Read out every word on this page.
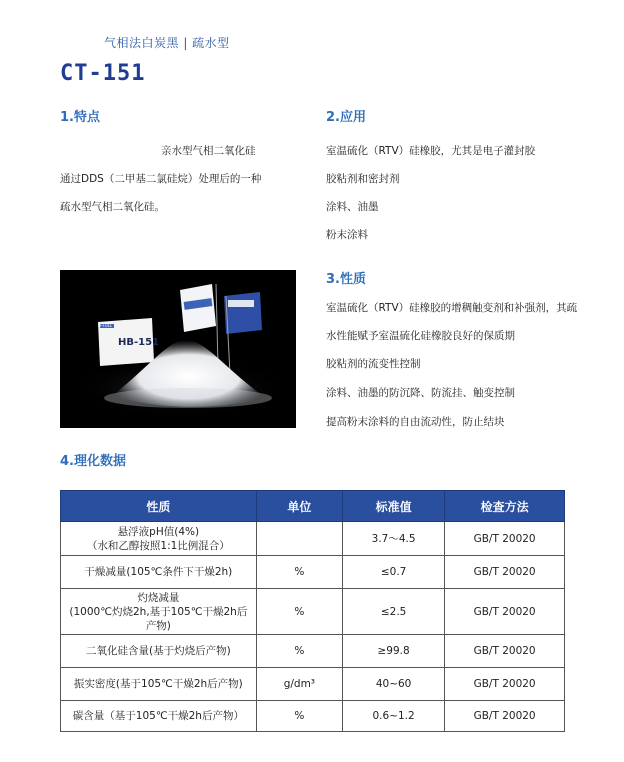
气相法白炭黑 | 疏水型
CT-151
1.特点
亲水型气相二氧化硅
通过DDS（二甲基二氯硅烷）处理后的一种
疏水型气相二氧化硅。
2.应用
室温硫化（RTV）硅橡胶，尤其是电子灌封胶
胶粘剂和密封剂
涂料、油墨
粉末涂料
3.性质
室温硫化（RTV）硅橡胶的增稠触变剂和补强剂，其疏
水性能赋予室温硫化硅橡胶良好的保质期
胶粘剂的流变性控制
涂料、油墨的防沉降、防流挂、触变控制
提高粉末涂料的自由流动性，防止结块
HB-151
H-FULL
4.理化数据
性质	单位	标准值	检查方法

悬浮液pH值(4%)
（水和乙醇按照1:1比例混合）		3.7～4.5	GB/T 20020
干燥减量(105℃条件下干燥2h)	%	≤0.7	GB/T 20020

灼烧减量
(1000℃灼烧2h,基于105℃干燥2h后产物)	%	≤2.5	GB/T 20020
二氧化硅含量(基于灼烧后产物)	%	≥99.8	GB/T 20020
振实密度(基于105℃干燥2h后产物)	g/dm³	40~60	GB/T 20020
碳含量（基于105℃干燥2h后产物）	%	0.6~1.2	GB/T 20020
